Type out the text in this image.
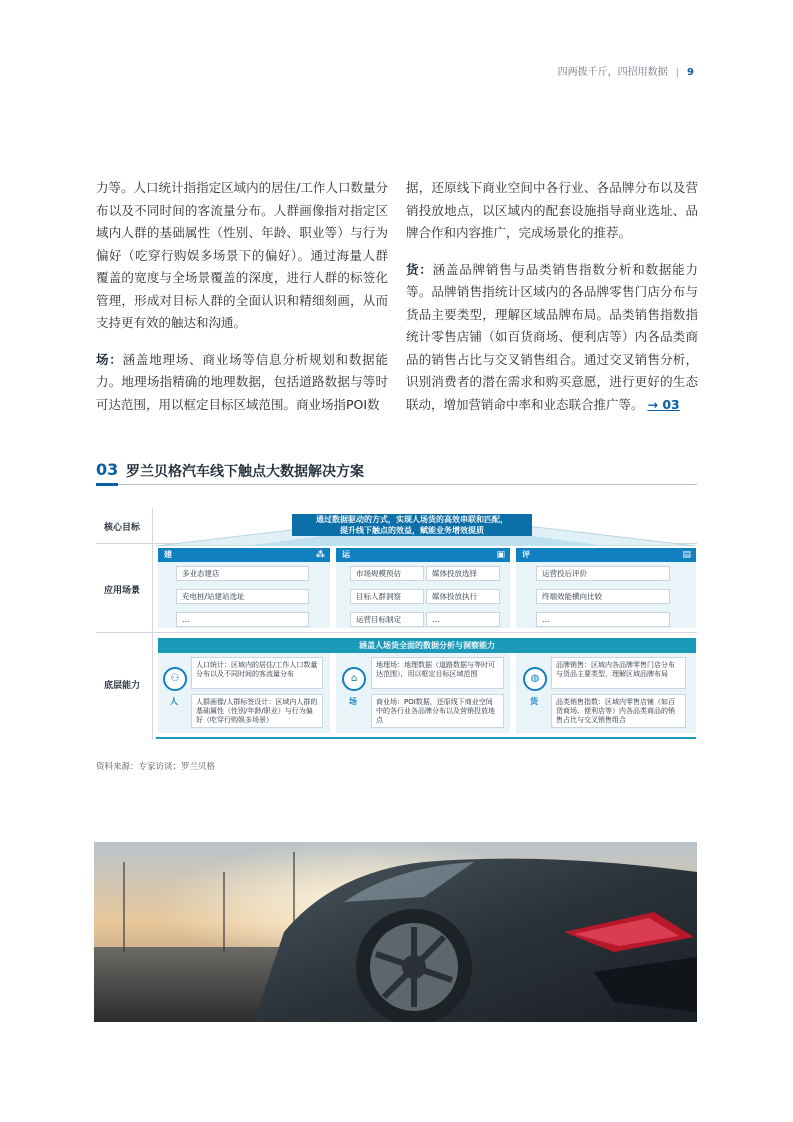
四两拨千斤，四招用数据 | 9

力等。人口统计指指定区域内的居住/工作人口数量分布以及不同时间的客流量分布。人群画像指对指定区域内人群的基础属性（性别、年龄、职业等）与行为偏好（吃穿行购娱多场景下的偏好）。通过海量人群覆盖的宽度与全场景覆盖的深度，进行人群的标签化管理，形成对目标人群的全面认识和精细刻画，从而支持更有效的触达和沟通。

场：涵盖地理场、商业场等信息分析规划和数据能力。地理场指精确的地理数据，包括道路数据与等时可达范围，用以框定目标区域范围。商业场指POI数

据，还原线下商业空间中各行业、各品牌分布以及营销投放地点，以区域内的配套设施指导商业选址、品牌合作和内容推广，完成场景化的推荐。

货：涵盖品牌销售与品类销售指数分析和数据能力等。品牌销售指统计区域内的各品牌零售门店分布与货品主要类型，理解区域品牌布局。品类销售指数指统计零售店铺（如百货商场、便利店等）内各品类商品的销售占比与交叉销售组合。通过交叉销售分析，识别消费者的潜在需求和购买意愿，进行更好的生态联动，增加营销命中率和业态联合推广等。 → 03

03 罗兰贝格汽车线下触点大数据解决方案
核心目标
应用场景
底层能力
通过数据驱动的方式，实现人场货的高效串联和匹配，
提升线下触点的效益，赋能业务增效提质
建	⁂
多业态建店
充电桩/站建站选址
…
运	▣
市场规模预估
目标人群洞察
运营目标制定
媒体投放选择
媒体投放执行
…
评	▤
运营投后评价
终端效能横向比较
…
涵盖人场货全面的数据分析与洞察能力
⚇
人
人口统计：区域内的居住/工作人口数量分布以及不同时间的客流量分布
人群画像/人群标签设计：区域内人群的基础属性（性别/年龄/职业）与行为偏好（吃穿行购娱多场景）
⌂
场
地理场：地理数据（道路数据与等时可达范围），用以框定目标区域范围
商业场：POI数据，还原线下商业空间中的各行业各品牌分布以及营销投放地点
◍
货
品牌销售：区域内各品牌零售门店分布与货品主要类型，理解区域品牌布局
品类销售指数：区域内零售店铺（如百货商场、便利店等）内各品类商品的销售占比与交叉销售组合
资料来源：专家访谈；罗兰贝格
